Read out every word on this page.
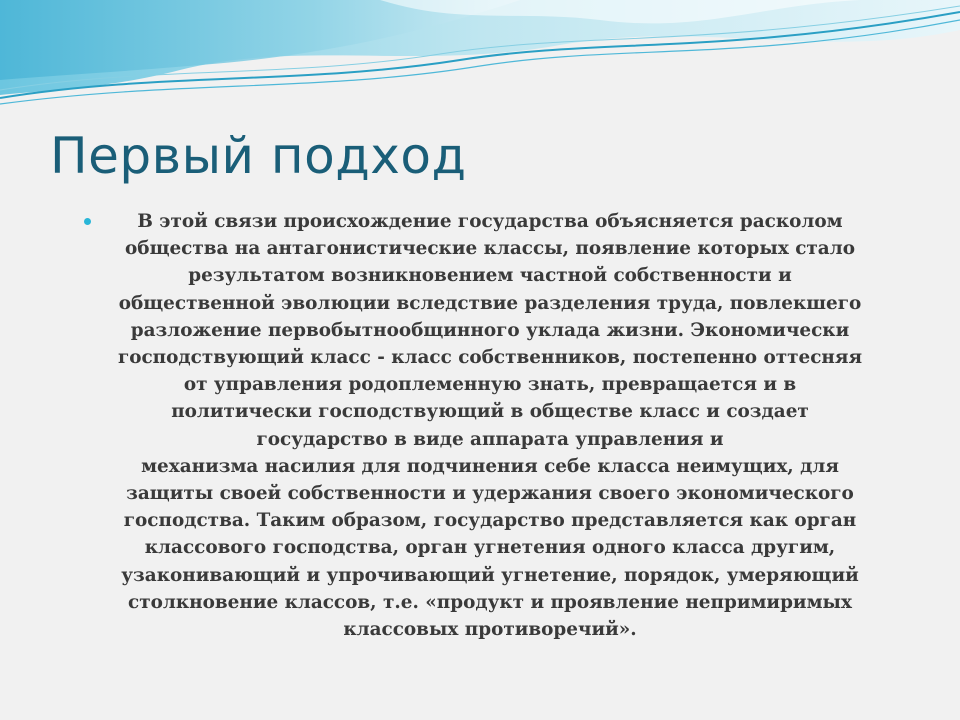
Первый подход

В этой связи происхождение государства объясняется расколом
общества на антагонистические классы, появление которых стало
результатом возникновением частной собственности и
общественной эволюции вследствие разделения труда, повлекшего
разложение первобытнообщинного уклада жизни. Экономически
господствующий класс - класс собственников, постепенно оттесняя
от управления родоплеменную знать, превращается и в
политически господствующий в обществе класс и создает
государство в виде аппарата управления и
механизма насилия для подчинения себе класса неимущих, для
защиты своей собственности и удержания своего экономического
господства. Таким образом, государство представляется как орган
классового господства, орган угнетения одного класса другим,
узаконивающий и упрочивающий угнетение, порядок, умеряющий
столкновение классов, т.е. «продукт и проявление непримиримых
классовых противоречий».
